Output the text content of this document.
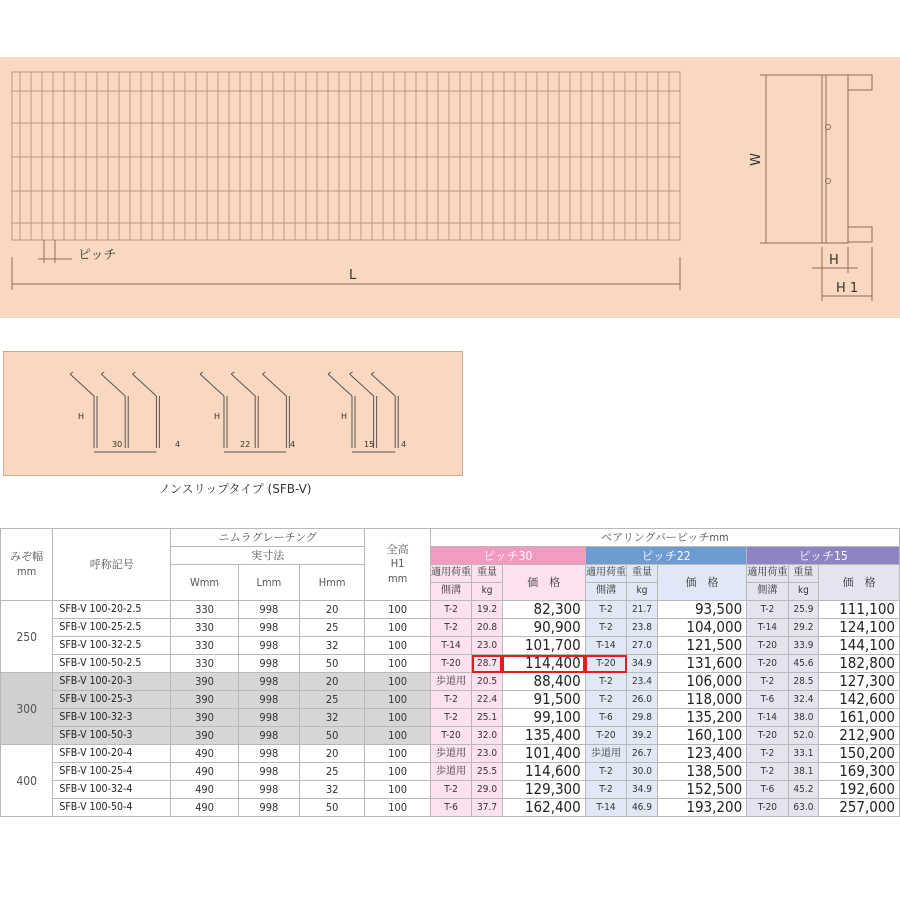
ピッチ
L
W
H
H 1
30	22	15
4	4	4
H	H	H
ノンスリップタイプ (SFB-V)
みぞ幅
mm	呼称記号	ニムラグレーチング			全高
H1
mm	ベアリングバーピッチmm								
		実寸法				ピッチ30			ピッチ22			ピッチ15		
		Wmm	Lmm	Hmm		適用荷重	重量	価　格	適用荷重	重量	価　格	適用荷重	重量	価　格
						側溝	kg		側溝	kg		側溝	kg	
250	SFB-V 100-20-2.5	330	998	20	100	T-2	19.2	82,300	T-2	21.7	93,500	T-2	25.9	111,100
	SFB-V 100-25-2.5	330	998	25	100	T-2	20.8	90,900	T-2	23.8	104,000	T-14	29.2	124,100
	SFB-V 100-32-2.5	330	998	32	100	T-14	23.0	101,700	T-14	27.0	121,500	T-20	33.9	144,100
	SFB-V 100-50-2.5	330	998	50	100	T-20	28.7	114,400	T-20	34.9	131,600	T-20	45.6	182,800
300	SFB-V 100-20-3	390	998	20	100	歩道用	20.5	88,400	T-2	23.4	106,000	T-2	28.5	127,300
	SFB-V 100-25-3	390	998	25	100	T-2	22.4	91,500	T-2	26.0	118,000	T-6	32.4	142,600
	SFB-V 100-32-3	390	998	32	100	T-2	25.1	99,100	T-6	29.8	135,200	T-14	38.0	161,000
	SFB-V 100-50-3	390	998	50	100	T-20	32.0	135,400	T-20	39.2	160,100	T-20	52.0	212,900
400	SFB-V 100-20-4	490	998	20	100	歩道用	23.0	101,400	歩道用	26.7	123,400	T-2	33.1	150,200
	SFB-V 100-25-4	490	998	25	100	歩道用	25.5	114,600	T-2	30.0	138,500	T-2	38.1	169,300
	SFB-V 100-32-4	490	998	32	100	T-2	29.0	129,300	T-2	34.9	152,500	T-6	45.2	192,600
	SFB-V 100-50-4	490	998	50	100	T-6	37.7	162,400	T-14	46.9	193,200	T-20	63.0	257,000
